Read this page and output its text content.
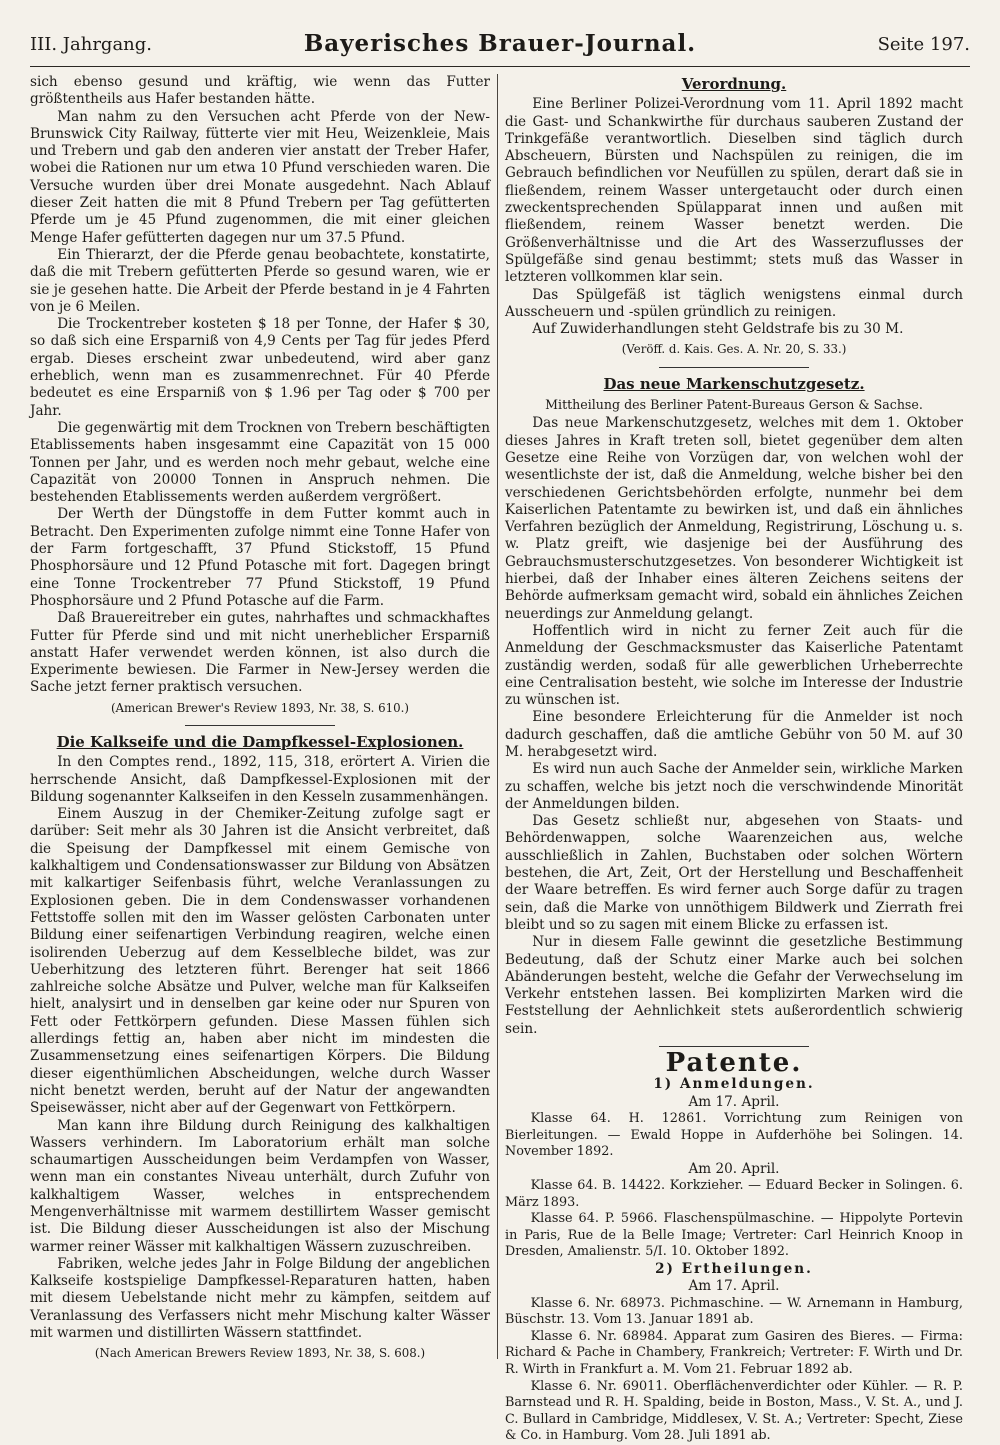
III. Jahrgang.	Bayerisches Brauer-Journal.	Seite 197.

sich ebenso gesund und kräftig, wie wenn das Futter größtentheils aus Hafer bestanden hätte.

Man nahm zu den Versuchen acht Pferde von der New-Brunswick City Railway, fütterte vier mit Heu, Weizenkleie, Mais und Trebern und gab den anderen vier anstatt der Treber Hafer, wobei die Rationen nur um etwa 10 Pfund verschieden waren. Die Versuche wurden über drei Monate ausgedehnt. Nach Ablauf dieser Zeit hatten die mit 8 Pfund Trebern per Tag gefütterten Pferde um je 45 Pfund zugenommen, die mit einer gleichen Menge Hafer gefütterten dagegen nur um 37.5 Pfund.

Ein Thierarzt, der die Pferde genau beobachtete, konstatirte, daß die mit Trebern gefütterten Pferde so gesund waren, wie er sie je gesehen hatte. Die Arbeit der Pferde bestand in je 4 Fahrten von je 6 Meilen.

Die Trockentreber kosteten $ 18 per Tonne, der Hafer $ 30, so daß sich eine Ersparniß von 4,9 Cents per Tag für jedes Pferd ergab. Dieses erscheint zwar unbedeutend, wird aber ganz erheblich, wenn man es zusammenrechnet. Für 40 Pferde bedeutet es eine Ersparniß von $ 1.96 per Tag oder $ 700 per Jahr.

Die gegenwärtig mit dem Trocknen von Trebern beschäftigten Etablissements haben insgesammt eine Capazität von 15 000 Tonnen per Jahr, und es werden noch mehr gebaut, welche eine Capazität von 20000 Tonnen in Anspruch nehmen. Die bestehenden Etablissements werden außerdem vergrößert.

Der Werth der Düngstoffe in dem Futter kommt auch in Betracht. Den Experimenten zufolge nimmt eine Tonne Hafer von der Farm fortgeschafft, 37 Pfund Stickstoff, 15 Pfund Phosphorsäure und 12 Pfund Potasche mit fort. Dagegen bringt eine Tonne Trockentreber 77 Pfund Stickstoff, 19 Pfund Phosphorsäure und 2 Pfund Potasche auf die Farm.

Daß Brauereitreber ein gutes, nahrhaftes und schmackhaftes Futter für Pferde sind und mit nicht unerheblicher Ersparniß anstatt Hafer verwendet werden können, ist also durch die Experimente bewiesen. Die Farmer in New-Jersey werden die Sache jetzt ferner praktisch versuchen.

(American Brewer's Review 1893, Nr. 38, S. 610.)
Die Kalkseife und die Dampfkessel-Explosionen.

In den Comptes rend., 1892, 115, 318, erörtert A. Virien die herrschende Ansicht, daß Dampfkessel-Explosionen mit der Bildung sogenannter Kalkseifen in den Kesseln zusammenhängen.

Einem Auszug in der Chemiker-Zeitung zufolge sagt er darüber: Seit mehr als 30 Jahren ist die Ansicht verbreitet, daß die Speisung der Dampfkessel mit einem Gemische von kalkhaltigem und Condensationswasser zur Bildung von Absätzen mit kalkartiger Seifenbasis führt, welche Veranlassungen zu Explosionen geben. Die in dem Condenswasser vorhandenen Fettstoffe sollen mit den im Wasser gelösten Carbonaten unter Bildung einer seifenartigen Verbindung reagiren, welche einen isolirenden Ueberzug auf dem Kesselbleche bildet, was zur Ueberhitzung des letzteren führt. Berenger hat seit 1866 zahlreiche solche Absätze und Pulver, welche man für Kalkseifen hielt, analysirt und in denselben gar keine oder nur Spuren von Fett oder Fettkörpern gefunden. Diese Massen fühlen sich allerdings fettig an, haben aber nicht im mindesten die Zusammensetzung eines seifenartigen Körpers. Die Bildung dieser eigenthümlichen Abscheidungen, welche durch Wasser nicht benetzt werden, beruht auf der Natur der angewandten Speisewässer, nicht aber auf der Gegenwart von Fettkörpern.

Man kann ihre Bildung durch Reinigung des kalkhaltigen Wassers verhindern. Im Laboratorium erhält man solche schaumartigen Ausscheidungen beim Verdampfen von Wasser, wenn man ein constantes Niveau unterhält, durch Zufuhr von kalkhaltigem Wasser, welches in entsprechendem Mengenverhältnisse mit warmem destillirtem Wasser gemischt ist. Die Bildung dieser Ausscheidungen ist also der Mischung warmer reiner Wässer mit kalkhaltigen Wässern zuzuschreiben.

Fabriken, welche jedes Jahr in Folge Bildung der angeblichen Kalkseife kostspielige Dampfkessel-Reparaturen hatten, haben mit diesem Uebelstande nicht mehr zu kämpfen, seitdem auf Veranlassung des Verfassers nicht mehr Mischung kalter Wässer mit warmen und distillirten Wässern stattfindet.

(Nach American Brewers Review 1893, Nr. 38, S. 608.)
Verordnung.

Eine Berliner Polizei-Verordnung vom 11. April 1892 macht die Gast- und Schankwirthe für durchaus sauberen Zustand der Trinkgefäße verantwortlich. Dieselben sind täglich durch Abscheuern, Bürsten und Nachspülen zu reinigen, die im Gebrauch befindlichen vor Neufüllen zu spülen, derart daß sie in fließendem, reinem Wasser untergetaucht oder durch einen zweckentsprechenden Spülapparat innen und außen mit fließendem, reinem Wasser benetzt werden. Die Größenverhältnisse und die Art des Wasserzuflusses der Spülgefäße sind genau bestimmt; stets muß das Wasser in letzteren vollkommen klar sein.

Das Spülgefäß ist täglich wenigstens einmal durch Ausscheuern und -spülen gründlich zu reinigen.

Auf Zuwiderhandlungen steht Geldstrafe bis zu 30 M.

(Veröff. d. Kais. Ges. A. Nr. 20, S. 33.)
Das neue Markenschutzgesetz.
Mittheilung des Berliner Patent-Bureaus Gerson & Sachse.

Das neue Markenschutzgesetz, welches mit dem 1. Oktober dieses Jahres in Kraft treten soll, bietet gegenüber dem alten Gesetze eine Reihe von Vorzügen dar, von welchen wohl der wesentlichste der ist, daß die Anmeldung, welche bisher bei den verschiedenen Gerichtsbehörden erfolgte, nunmehr bei dem Kaiserlichen Patentamte zu bewirken ist, und daß ein ähnliches Verfahren bezüglich der Anmeldung, Registrirung, Löschung u. s. w. Platz greift, wie dasjenige bei der Ausführung des Gebrauchsmusterschutzgesetzes. Von besonderer Wichtigkeit ist hierbei, daß der Inhaber eines älteren Zeichens seitens der Behörde aufmerksam gemacht wird, sobald ein ähnliches Zeichen neuerdings zur Anmeldung gelangt.

Hoffentlich wird in nicht zu ferner Zeit auch für die Anmeldung der Geschmacksmuster das Kaiserliche Patentamt zuständig werden, sodaß für alle gewerblichen Urheberrechte eine Centralisation besteht, wie solche im Interesse der Industrie zu wünschen ist.

Eine besondere Erleichterung für die Anmelder ist noch dadurch geschaffen, daß die amtliche Gebühr von 50 M. auf 30 M. herabgesetzt wird.

Es wird nun auch Sache der Anmelder sein, wirkliche Marken zu schaffen, welche bis jetzt noch die verschwindende Minorität der Anmeldungen bilden.

Das Gesetz schließt nur, abgesehen von Staats- und Behördenwappen, solche Waarenzeichen aus, welche ausschließlich in Zahlen, Buchstaben oder solchen Wörtern bestehen, die Art, Zeit, Ort der Herstellung und Beschaffenheit der Waare betreffen. Es wird ferner auch Sorge dafür zu tragen sein, daß die Marke von unnöthigem Bildwerk und Zierrath frei bleibt und so zu sagen mit einem Blicke zu erfassen ist.

Nur in diesem Falle gewinnt die gesetzliche Bestimmung Bedeutung, daß der Schutz einer Marke auch bei solchen Abänderungen besteht, welche die Gefahr der Verwechselung im Verkehr entstehen lassen. Bei komplizirten Marken wird die Feststellung der Aehnlichkeit stets außerordentlich schwierig sein.

Patente.
1) Anmeldungen.
Am 17. April.

Klasse 64. H. 12861. Vorrichtung zum Reinigen von Bierleitungen. — Ewald Hoppe in Aufderhöhe bei Solingen. 14. November 1892.

Am 20. April.

Klasse 64. B. 14422. Korkzieher. — Eduard Becker in Solingen. 6. März 1893.

Klasse 64. P. 5966. Flaschenspülmaschine. — Hippolyte Portevin in Paris, Rue de la Belle Image; Vertreter: Carl Heinrich Knoop in Dresden, Amalienstr. 5/I. 10. Oktober 1892.

2) Ertheilungen.
Am 17. April.

Klasse 6. Nr. 68973. Pichmaschine. — W. Arnemann in Hamburg, Büschstr. 13. Vom 13. Januar 1891 ab.

Klasse 6. Nr. 68984. Apparat zum Gasiren des Bieres. — Firma: Richard & Pache in Chambery, Frankreich; Vertreter: F. Wirth und Dr. R. Wirth in Frankfurt a. M. Vom 21. Februar 1892 ab.

Klasse 6. Nr. 69011. Oberflächenverdichter oder Kühler. — R. P. Barnstead und R. H. Spalding, beide in Boston, Mass., V. St. A., und J. C. Bullard in Cambridge, Middlesex, V. St. A.; Vertreter: Specht, Ziese & Co. in Hamburg. Vom 28. Juli 1891 ab.
